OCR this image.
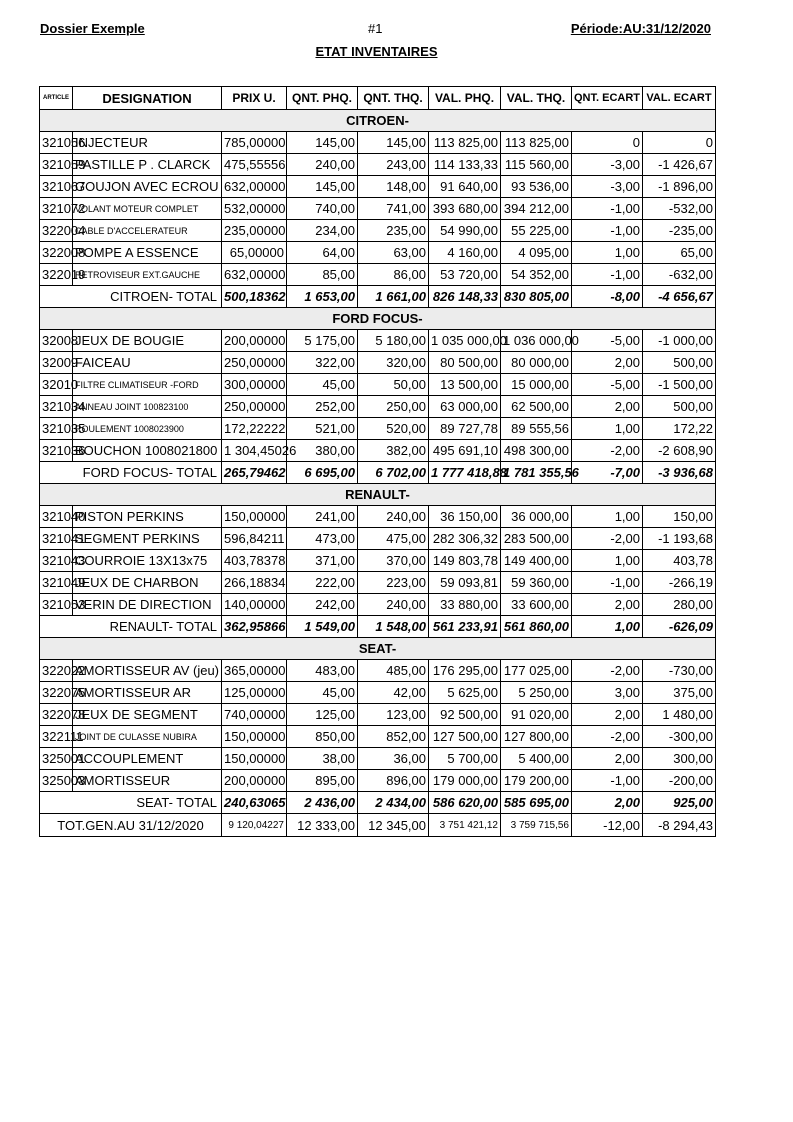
Dossier Exemple	#1	Période:AU:31/12/2020
ETAT INVENTAIRES
ARTICLE	DESIGNATION	PRIX U.	QNT. PHQ.	QNT. THQ.	VAL. PHQ.	VAL. THQ.	QNT. ECART	VAL. ECART
CITROEN-								
321056	INJECTEUR	785,00000	145,00	145,00	113 825,00	113 825,00	0	0
321059	PASTILLE P . CLARCK	475,55556	240,00	243,00	114 133,33	115 560,00	-3,00	-1 426,67
321067	GOUJON AVEC ECROU	632,00000	145,00	148,00	91 640,00	93 536,00	-3,00	-1 896,00
321072	VOLANT MOTEUR COMPLET	532,00000	740,00	741,00	393 680,00	394 212,00	-1,00	-532,00
322004	CABLE D'ACCELERATEUR	235,00000	234,00	235,00	54 990,00	55 225,00	-1,00	-235,00
322008	POMPE A ESSENCE	65,00000	64,00	63,00	4 160,00	4 095,00	1,00	65,00
322019	RETROVISEUR EXT.GAUCHE	632,00000	85,00	86,00	53 720,00	54 352,00	-1,00	-632,00
CITROEN- TOTAL		500,18362	1 653,00	1 661,00	826 148,33	830 805,00	-8,00	-4 656,67
FORD FOCUS-								
32008	JEUX DE BOUGIE	200,00000	5 175,00	5 180,00	1 035 000,00	1 036 000,00	-5,00	-1 000,00
32009	FAICEAU	250,00000	322,00	320,00	80 500,00	80 000,00	2,00	500,00
32010	FILTRE CLIMATISEUR -FORD	300,00000	45,00	50,00	13 500,00	15 000,00	-5,00	-1 500,00
321034	ANNEAU JOINT 100823100	250,00000	252,00	250,00	63 000,00	62 500,00	2,00	500,00
321035	ROULEMENT 1008023900	172,22222	521,00	520,00	89 727,78	89 555,56	1,00	172,22
321036	BOUCHON 1008021800	1 304,45026	380,00	382,00	495 691,10	498 300,00	-2,00	-2 608,90
FORD FOCUS- TOTAL		265,79462	6 695,00	6 702,00	1 777 418,88	1 781 355,56	-7,00	-3 936,68
RENAULT-								
321040	PISTON PERKINS	150,00000	241,00	240,00	36 150,00	36 000,00	1,00	150,00
321041	SEGMENT PERKINS	596,84211	473,00	475,00	282 306,32	283 500,00	-2,00	-1 193,68
321043	COURROIE 13X13x75	403,78378	371,00	370,00	149 803,78	149 400,00	1,00	403,78
321049	JEUX DE CHARBON	266,18834	222,00	223,00	59 093,81	59 360,00	-1,00	-266,19
321053	VERIN DE DIRECTION	140,00000	242,00	240,00	33 880,00	33 600,00	2,00	280,00
RENAULT- TOTAL		362,95866	1 549,00	1 548,00	561 233,91	561 860,00	1,00	-626,09
SEAT-								
322022	AMORTISSEUR AV (jeu)	365,00000	483,00	485,00	176 295,00	177 025,00	-2,00	-730,00
322075	AMORTISSEUR AR	125,00000	45,00	42,00	5 625,00	5 250,00	3,00	375,00
322078	JEUX DE SEGMENT	740,00000	125,00	123,00	92 500,00	91 020,00	2,00	1 480,00
322111	JOINT DE CULASSE NUBIRA	150,00000	850,00	852,00	127 500,00	127 800,00	-2,00	-300,00
325001	ACCOUPLEMENT	150,00000	38,00	36,00	5 700,00	5 400,00	2,00	300,00
325003	AMORTISSEUR	200,00000	895,00	896,00	179 000,00	179 200,00	-1,00	-200,00
SEAT- TOTAL		240,63065	2 436,00	2 434,00	586 620,00	585 695,00	2,00	925,00
TOT.GEN.AU 31/12/2020		9 120,04227	12 333,00	12 345,00	3 751 421,12	3 759 715,56	-12,00	-8 294,43
